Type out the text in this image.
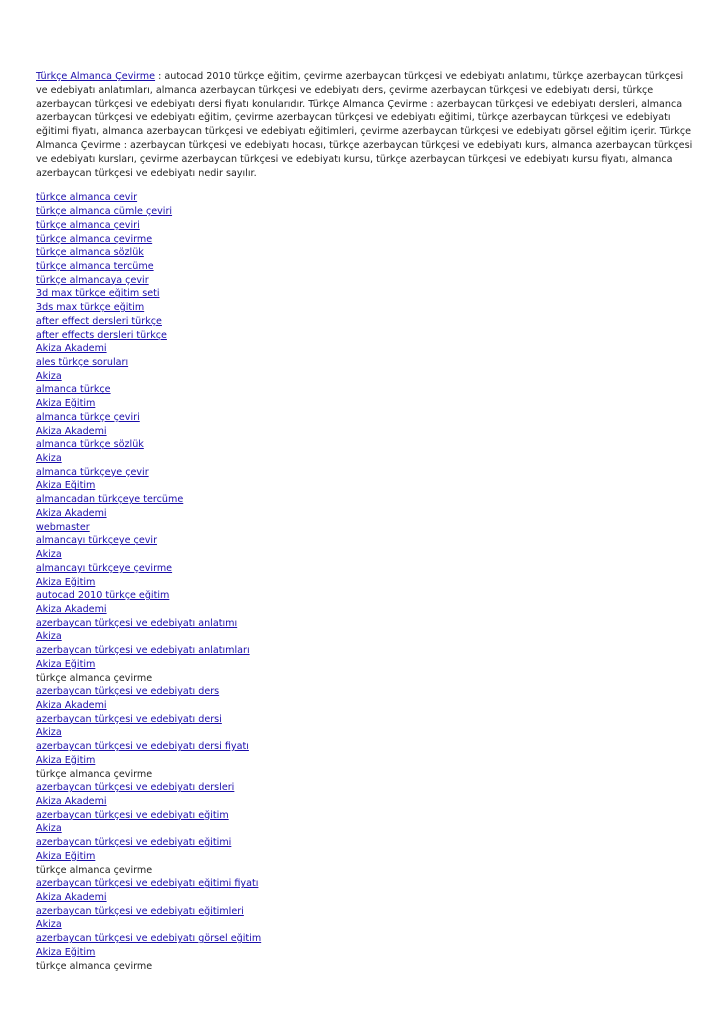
Türkçe Almanca Çevirme : autocad 2010 türkçe eğitim, çevirme azerbaycan türkçesi ve edebiyatı anlatımı, türkçe azerbaycan türkçesi ve edebiyatı anlatımları, almanca azerbaycan türkçesi ve edebiyatı ders, çevirme azerbaycan türkçesi ve edebiyatı dersi, türkçe azerbaycan türkçesi ve edebiyatı dersi fiyatı konularıdır. Türkçe Almanca Çevirme : azerbaycan türkçesi ve edebiyatı dersleri, almanca azerbaycan türkçesi ve edebiyatı eğitim, çevirme azerbaycan türkçesi ve edebiyatı eğitimi, türkçe azerbaycan türkçesi ve edebiyatı eğitimi fiyatı, almanca azerbaycan türkçesi ve edebiyatı eğitimleri, çevirme azerbaycan türkçesi ve edebiyatı görsel eğitim içerir. Türkçe Almanca Çevirme : azerbaycan türkçesi ve edebiyatı hocası, türkçe azerbaycan türkçesi ve edebiyatı kurs, almanca azerbaycan türkçesi ve edebiyatı kursları, çevirme azerbaycan türkçesi ve edebiyatı kursu, türkçe azerbaycan türkçesi ve edebiyatı kursu fiyatı, almanca azerbaycan türkçesi ve edebiyatı nedir sayılır.

türkçe almanca cevir
türkçe almanca cümle çeviri
türkçe almanca çeviri
türkçe almanca çevirme
türkçe almanca sözlük
türkçe almanca tercüme
türkçe almancaya çevir
3d max türkçe eğitim seti
3ds max türkçe eğitim
after effect dersleri türkçe
after effects dersleri türkçe
Akiza Akademi
ales türkçe soruları
Akiza
almanca türkçe
Akiza Eğitim
almanca türkçe çeviri
Akiza Akademi
almanca türkçe sözlük
Akiza
almanca türkçeye çevir
Akiza Eğitim
almancadan türkçeye tercüme
Akiza Akademi
webmaster
almancayı türkçeye çevir
Akiza
almancayı türkçeye çevirme
Akiza Eğitim
autocad 2010 türkçe eğitim
Akiza Akademi
azerbaycan türkçesi ve edebiyatı anlatımı
Akiza
azerbaycan türkçesi ve edebiyatı anlatımları
Akiza Eğitim
türkçe almanca çevirme
azerbaycan türkçesi ve edebiyatı ders
Akiza Akademi
azerbaycan türkçesi ve edebiyatı dersi
Akiza
azerbaycan türkçesi ve edebiyatı dersi fiyatı
Akiza Eğitim
türkçe almanca çevirme
azerbaycan türkçesi ve edebiyatı dersleri
Akiza Akademi
azerbaycan türkçesi ve edebiyatı eğitim
Akiza
azerbaycan türkçesi ve edebiyatı eğitimi
Akiza Eğitim
türkçe almanca çevirme
azerbaycan türkçesi ve edebiyatı eğitimi fiyatı
Akiza Akademi
azerbaycan türkçesi ve edebiyatı eğitimleri
Akiza
azerbaycan türkçesi ve edebiyatı görsel eğitim
Akiza Eğitim
türkçe almanca çevirme
